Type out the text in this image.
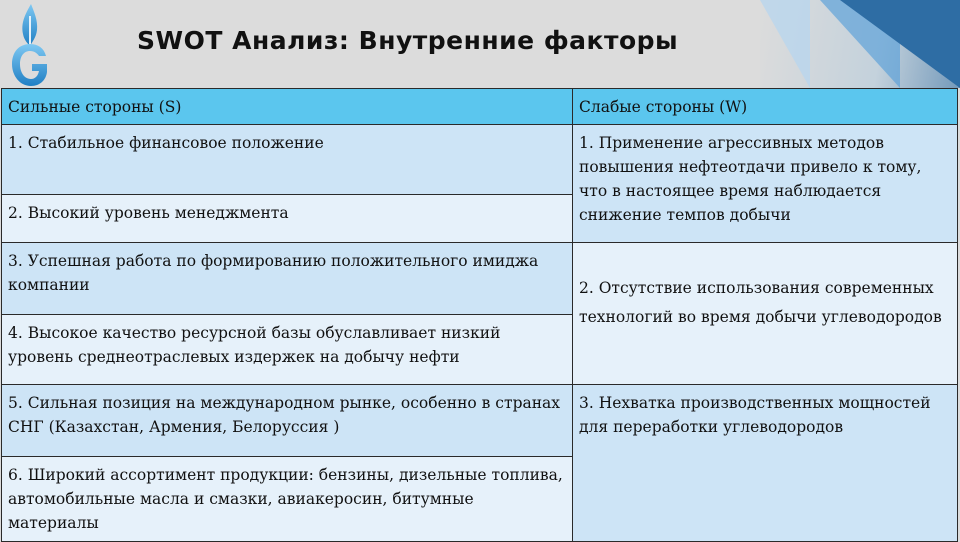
SWOT Анализ: Внутренние факторы
Сильные стороны (S)	Слабые стороны (W)
1. Стабильное финансовое положение	1. Применение агрессивных методов повышения нефтеотдачи привело к тому, что в настоящее время наблюдается снижение темпов добычи
2. Высокий уровень менеджмента	
3. Успешная работа по формированию положительного имиджа компании	2. Отсутствие использования современных технологий во время добычи углеводородов
4. Высокое качество ресурсной базы обуславливает низкий уровень среднеотраслевых издержек на добычу нефти	
5. Сильная позиция на международном рынке, особенно в странах СНГ (Казахстан, Армения, Белоруссия )	3. Нехватка производственных мощностей для переработки углеводородов
6. Широкий ассортимент продукции: бензины, дизельные топлива, автомобильные масла и смазки, авиакеросин, битумные материалы	
